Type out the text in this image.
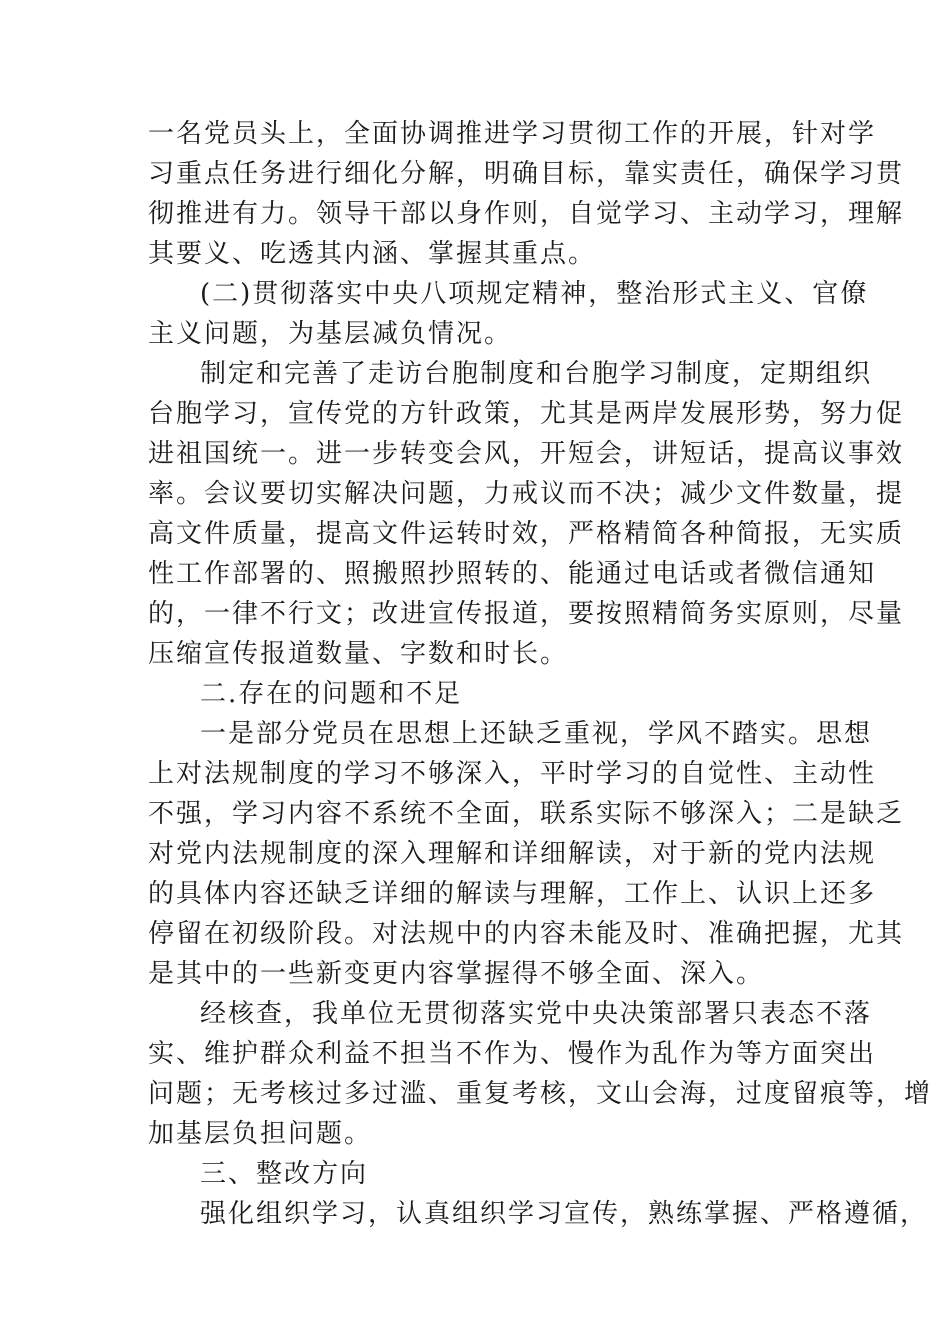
一名党员头上，全面协调推进学习贯彻工作的开展，针对学
习重点任务进行细化分解，明确目标，靠实责任，确保学习贯
彻推进有力。领导干部以身作则，自觉学习、主动学习，理解
其要义、吃透其内涵、掌握其重点。
(二)贯彻落实中央八项规定精神，整治形式主义、官僚
主义问题，为基层减负情况。
制定和完善了走访台胞制度和台胞学习制度，定期组织
台胞学习，宣传党的方针政策，尤其是两岸发展形势，努力促
进祖国统一。进一步转变会风，开短会，讲短话，提高议事效
率。会议要切实解决问题，力戒议而不决；减少文件数量，提
高文件质量，提高文件运转时效，严格精简各种简报，无实质
性工作部署的、照搬照抄照转的、能通过电话或者微信通知
的，一律不行文；改进宣传报道，要按照精简务实原则，尽量
压缩宣传报道数量、字数和时长。
二.存在的问题和不足
一是部分党员在思想上还缺乏重视，学风不踏实。思想
上对法规制度的学习不够深入，平时学习的自觉性、主动性
不强，学习内容不系统不全面，联系实际不够深入；二是缺乏
对党内法规制度的深入理解和详细解读，对于新的党内法规
的具体内容还缺乏详细的解读与理解，工作上、认识上还多
停留在初级阶段。对法规中的内容未能及时、准确把握，尤其
是其中的一些新变更内容掌握得不够全面、深入。
经核查，我单位无贯彻落实党中央决策部署只表态不落
实、维护群众利益不担当不作为、慢作为乱作为等方面突出
问题；无考核过多过滥、重复考核，文山会海，过度留痕等，增
加基层负担问题。
三、整改方向
强化组织学习，认真组织学习宣传，熟练掌握、严格遵循，
